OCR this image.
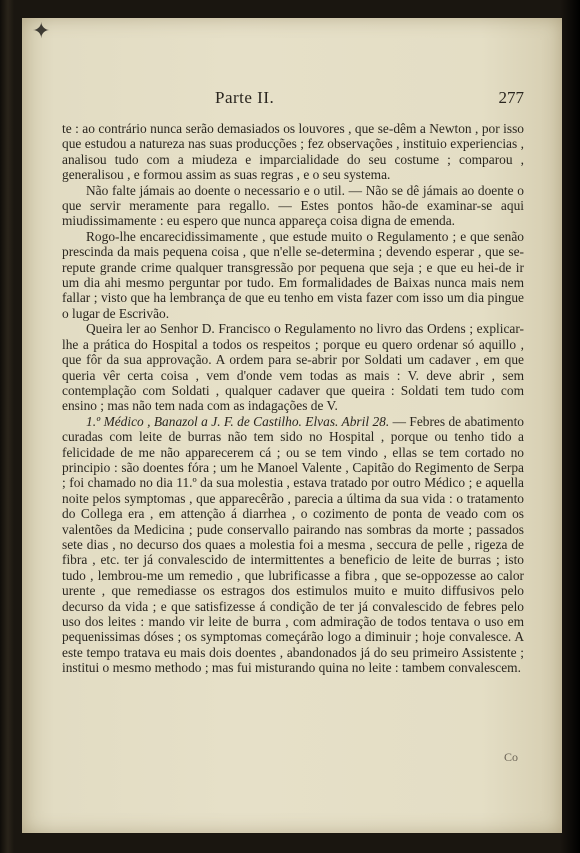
✦
Parte II.	277

te : ao contrário nunca serão demasiados os louvores , que se-dêm a Newton , por isso que estudou a natureza nas suas producções ; fez observações , instituio experiencias , analisou tudo com a miudeza e imparcialidade do seu costume ; comparou , generalisou , e formou assim as suas regras , e o seu systema.

Não falte jámais ao doente o necessario e o util. — Não se dê jámais ao doente o que servir meramente para regallo. — Estes pontos hão-de examinar-se aqui miudissimamente : eu espero que nunca appareça coisa digna de emenda.

Rogo-lhe encarecidissimamente , que estude muito o Regulamento ; e que senão prescinda da mais pequena coisa , que n'elle se-determina ; devendo esperar , que se-repute grande crime qualquer transgressão por pequena que seja ; e que eu hei-de ir um dia ahi mesmo perguntar por tudo. Em formalidades de Baixas nunca mais nem fallar ; visto que ha lembrança de que eu tenho em vista fazer com isso um dia pingue o lugar de Escrivão.

Queira ler ao Senhor D. Francisco o Regulamento no livro das Ordens ; explicar-lhe a prática do Hospital a todos os respeitos ; porque eu quero ordenar só aquillo , que fôr da sua approvação. A ordem para se-abrir por Soldati um cadaver , em que queria vêr certa coisa , vem d'onde vem todas as mais : V. deve abrir , sem contemplação com Soldati , qualquer cadaver que queira : Soldati tem tudo com ensino ; mas não tem nada com as indagações de V.

1.º Médico , Banazol a J. F. de Castilho. Elvas. Abril 28. — Febres de abatimento curadas com leite de burras não tem sido no Hospital , porque ou tenho tido a felicidade de me não apparecerem cá ; ou se tem vindo , ellas se tem cortado no principio : são doentes fóra ; um he Manoel Valente , Capitão do Regimento de Serpa ; foi chamado no dia 11.º da sua molestia , estava tratado por outro Médico ; e aquella noite pelos symptomas , que apparecêrão , parecia a última da sua vida : o tratamento do Collega era , em attenção á diarrhea , o cozimento de ponta de veado com os valentões da Medicina ; pude conservallo pairando nas sombras da morte ; passados sete dias , no decurso dos quaes a molestia foi a mesma , seccura de pelle , rigeza de fibra , etc. ter já convalescido de intermittentes a beneficio de leite de burras ; isto tudo , lembrou-me um remedio , que lubrificasse a fibra , que se-oppozesse ao calor urente , que remediasse os estragos dos estimulos muito e muito diffusivos pelo decurso da vida ; e que satisfizesse á condição de ter já convalescido de febres pelo uso dos leites : mando vir leite de burra , com admiração de todos tentava o uso em pequenissimas dóses ; os symptomas começárão logo a diminuir ; hoje convalesce. A este tempo tratava eu mais dois doentes , abandonados já do seu primeiro Assistente ; institui o mesmo methodo ; mas fui misturando quina no leite : tambem convalescem.

Co
